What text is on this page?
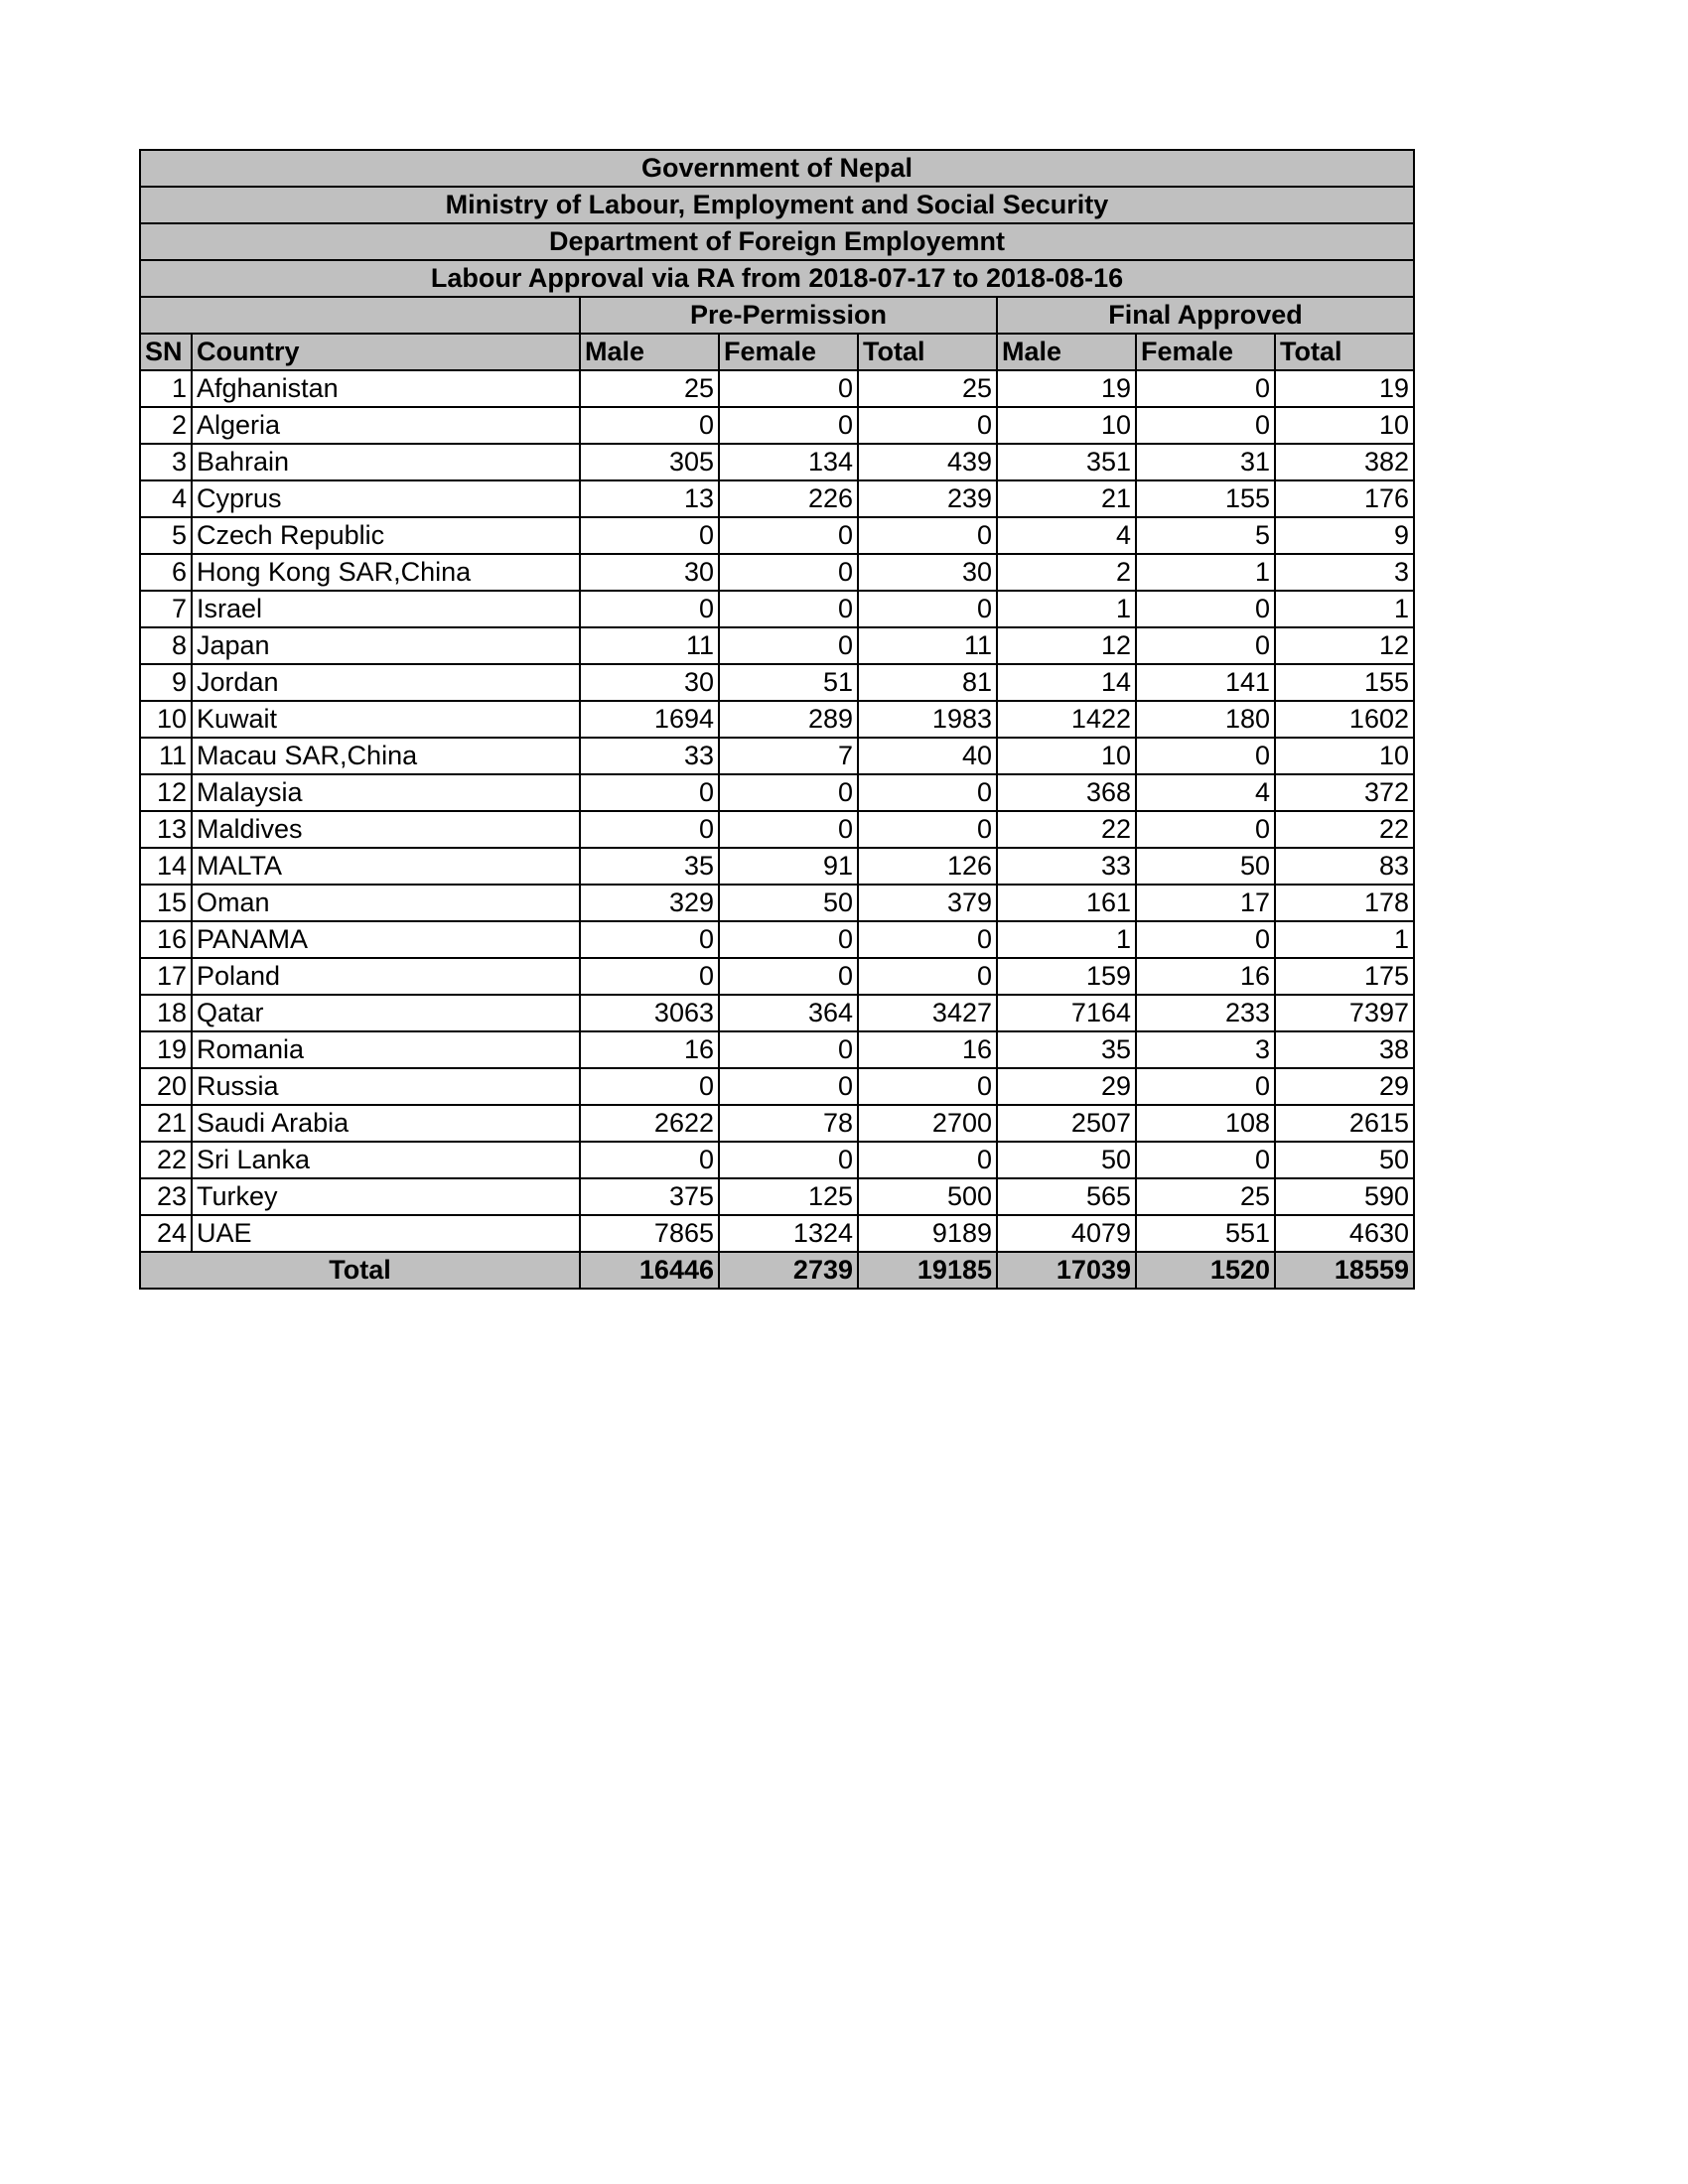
Government of Nepal							
Ministry of Labour, Employment and Social Security							
Department of Foreign Employemnt							
Labour Approval via RA from 2018-07-17 to 2018-08-16							
		Pre-Permission			Final Approved		
SN	Country	Male	Female	Total	Male	Female	Total
1	Afghanistan	25	0	25	19	0	19
2	Algeria	0	0	0	10	0	10
3	Bahrain	305	134	439	351	31	382
4	Cyprus	13	226	239	21	155	176
5	Czech Republic	0	0	0	4	5	9
6	Hong Kong SAR,China	30	0	30	2	1	3
7	Israel	0	0	0	1	0	1
8	Japan	11	0	11	12	0	12
9	Jordan	30	51	81	14	141	155
10	Kuwait	1694	289	1983	1422	180	1602
11	Macau SAR,China	33	7	40	10	0	10
12	Malaysia	0	0	0	368	4	372
13	Maldives	0	0	0	22	0	22
14	MALTA	35	91	126	33	50	83
15	Oman	329	50	379	161	17	178
16	PANAMA	0	0	0	1	0	1
17	Poland	0	0	0	159	16	175
18	Qatar	3063	364	3427	7164	233	7397
19	Romania	16	0	16	35	3	38
20	Russia	0	0	0	29	0	29
21	Saudi Arabia	2622	78	2700	2507	108	2615
22	Sri Lanka	0	0	0	50	0	50
23	Turkey	375	125	500	565	25	590
24	UAE	7865	1324	9189	4079	551	4630
Total		16446	2739	19185	17039	1520	18559
